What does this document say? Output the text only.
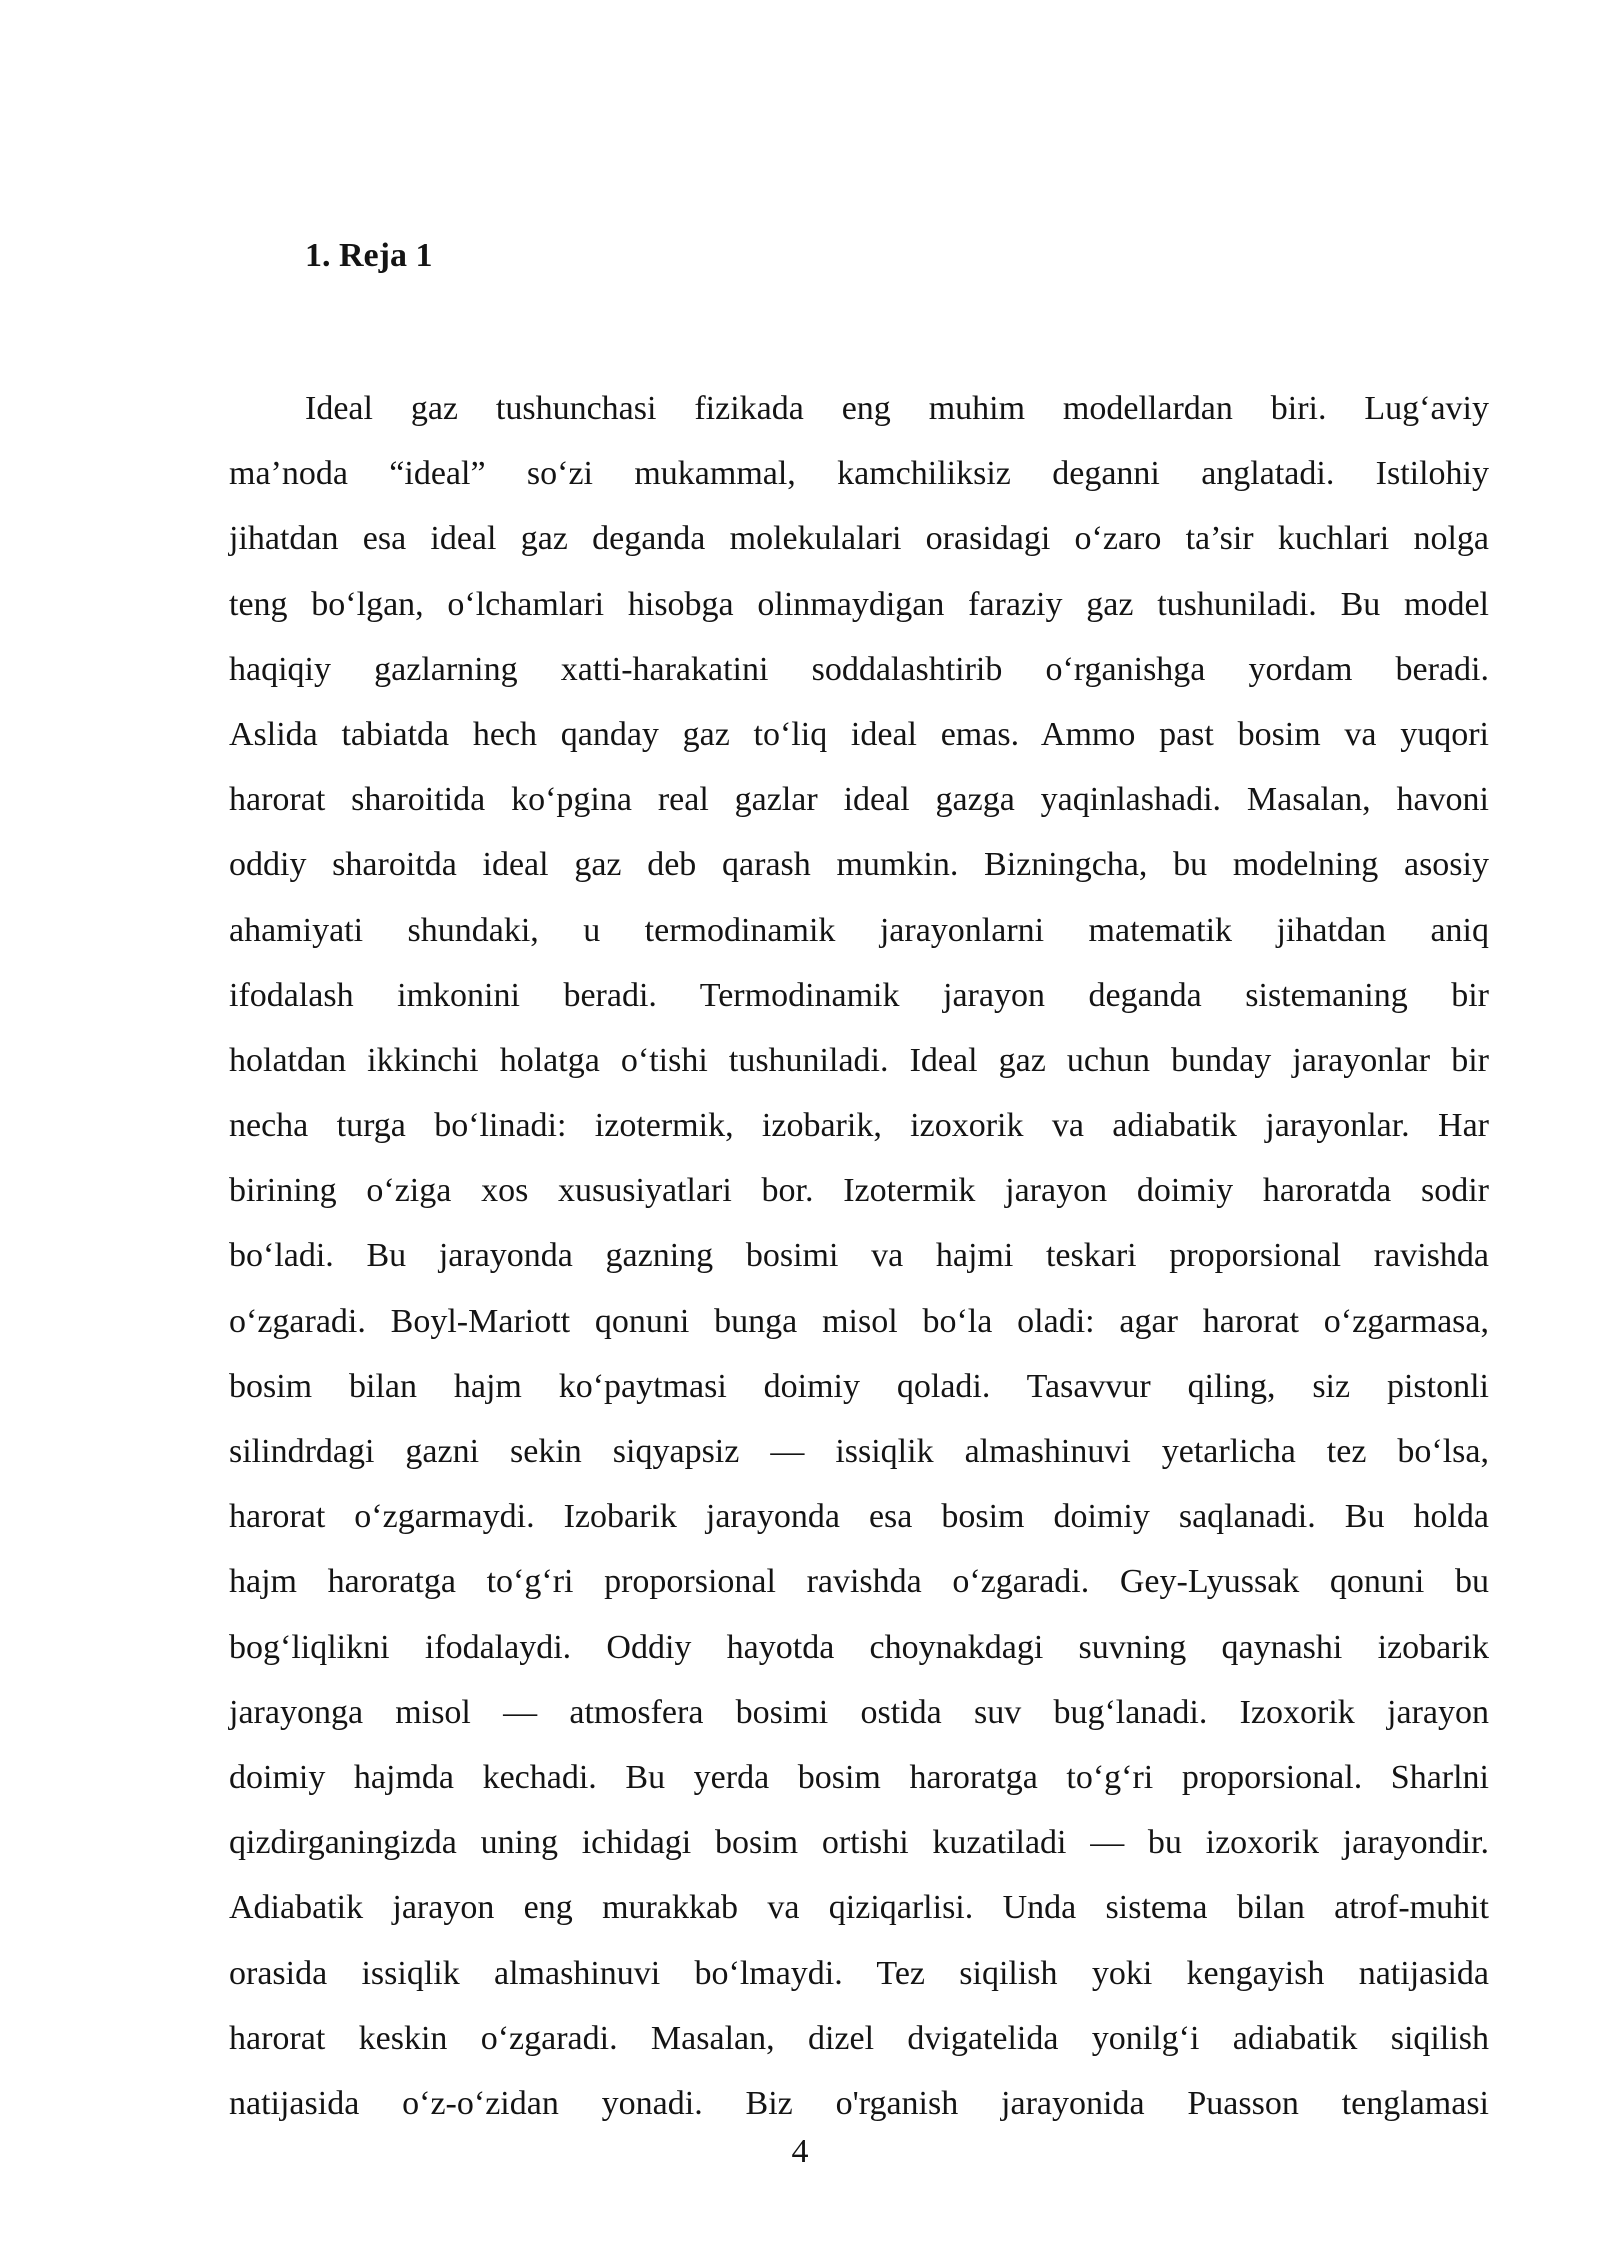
1. Reja 1
Ideal gaz tushunchasi fizikada eng muhim modellardan biri. Lug‘aviy
ma’noda “ideal” so‘zi mukammal, kamchiliksiz deganni anglatadi. Istilohiy
jihatdan esa ideal gaz deganda molekulalari orasidagi o‘zaro ta’sir kuchlari nolga
teng bo‘lgan, o‘lchamlari hisobga olinmaydigan faraziy gaz tushuniladi. Bu model
haqiqiy gazlarning xatti-harakatini soddalashtirib o‘rganishga yordam beradi.
Aslida tabiatda hech qanday gaz to‘liq ideal emas. Ammo past bosim va yuqori
harorat sharoitida ko‘pgina real gazlar ideal gazga yaqinlashadi. Masalan, havoni
oddiy sharoitda ideal gaz deb qarash mumkin. Bizningcha, bu modelning asosiy
ahamiyati shundaki, u termodinamik jarayonlarni matematik jihatdan aniq
ifodalash imkonini beradi. Termodinamik jarayon deganda sistemaning bir
holatdan ikkinchi holatga o‘tishi tushuniladi. Ideal gaz uchun bunday jarayonlar bir
necha turga bo‘linadi: izotermik, izobarik, izoxorik va adiabatik jarayonlar. Har
birining o‘ziga xos xususiyatlari bor. Izotermik jarayon doimiy haroratda sodir
bo‘ladi. Bu jarayonda gazning bosimi va hajmi teskari proporsional ravishda
o‘zgaradi. Boyl-Mariott qonuni bunga misol bo‘la oladi: agar harorat o‘zgarmasa,
bosim bilan hajm ko‘paytmasi doimiy qoladi. Tasavvur qiling, siz pistonli
silindrdagi gazni sekin siqyapsiz — issiqlik almashinuvi yetarlicha tez bo‘lsa,
harorat o‘zgarmaydi. Izobarik jarayonda esa bosim doimiy saqlanadi. Bu holda
hajm haroratga to‘g‘ri proporsional ravishda o‘zgaradi. Gey-Lyussak qonuni bu
bog‘liqlikni ifodalaydi. Oddiy hayotda choynakdagi suvning qaynashi izobarik
jarayonga misol — atmosfera bosimi ostida suv bug‘lanadi. Izoxorik jarayon
doimiy hajmda kechadi. Bu yerda bosim haroratga to‘g‘ri proporsional. Sharlni
qizdirganingizda uning ichidagi bosim ortishi kuzatiladi — bu izoxorik jarayondir.
Adiabatik jarayon eng murakkab va qiziqarlisi. Unda sistema bilan atrof-muhit
orasida issiqlik almashinuvi bo‘lmaydi. Tez siqilish yoki kengayish natijasida
harorat keskin o‘zgaradi. Masalan, dizel dvigatelida yonilg‘i adiabatik siqilish
natijasida o‘z-o‘zidan yonadi. Biz o'rganish jarayonida Puasson tenglamasi
4
